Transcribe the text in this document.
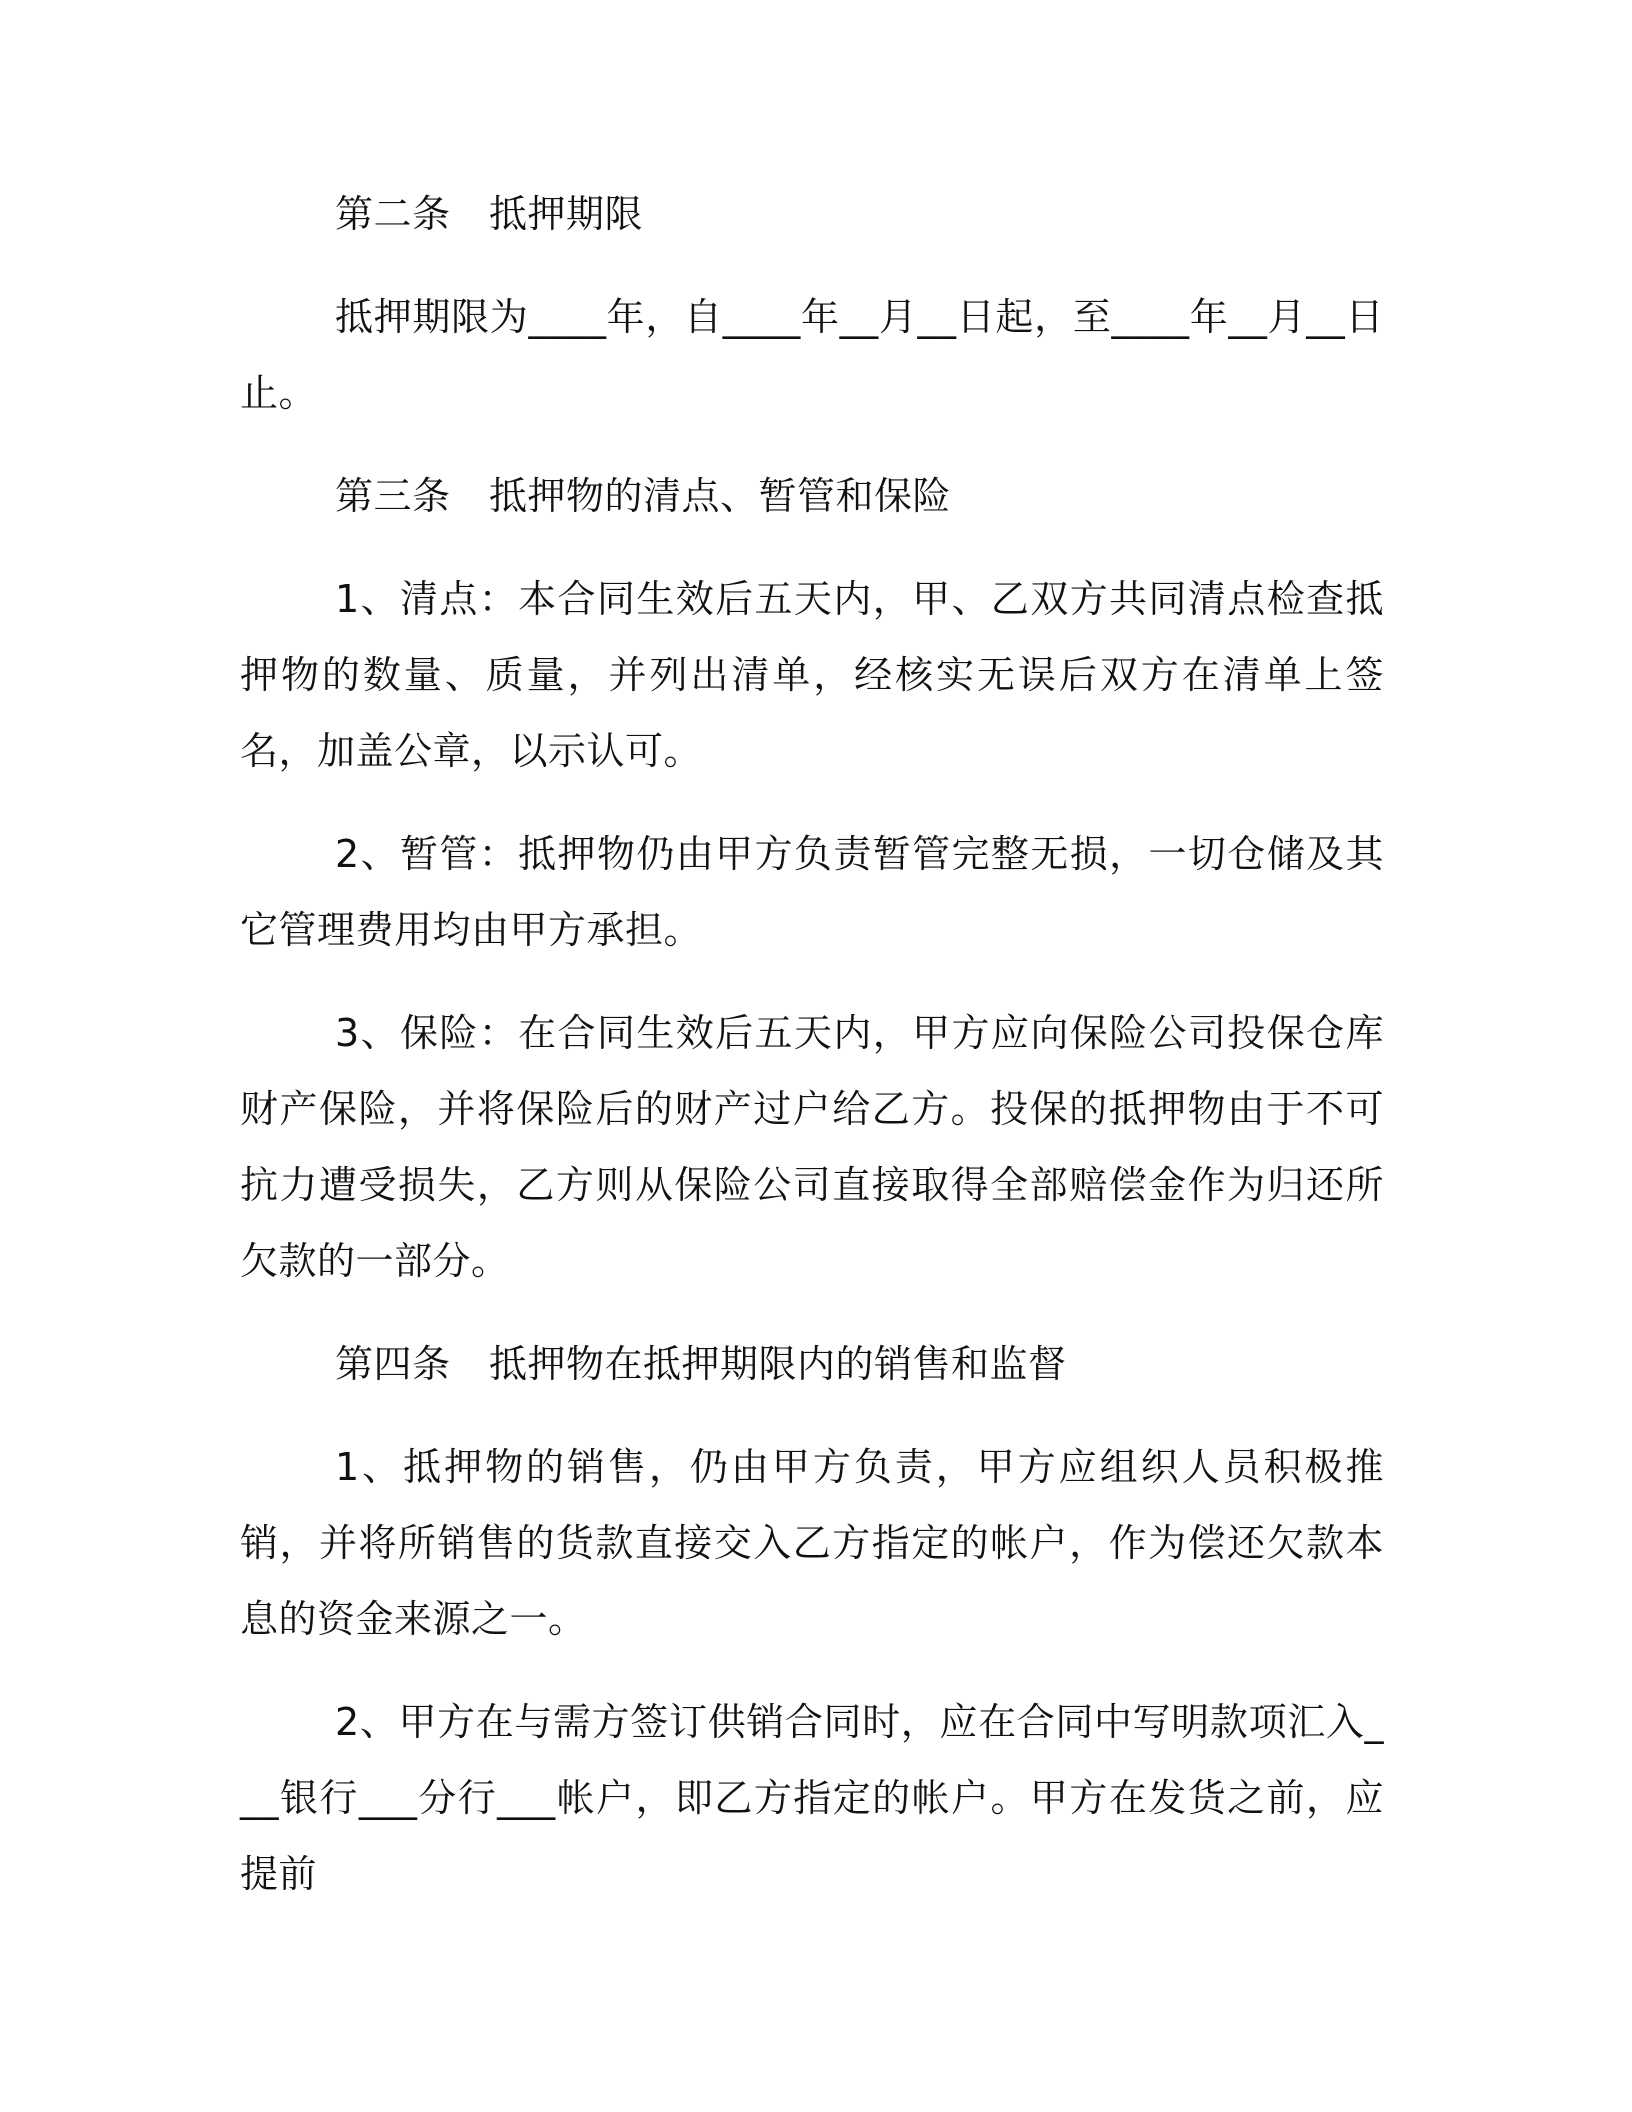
第二条　抵押期限

抵押期限为____年，自____年__月__日起，至____年__月__日止。

第三条　抵押物的清点、暂管和保险

1、清点：本合同生效后五天内，甲、乙双方共同清点检查抵押物的数量、质量，并列出清单，经核实无误后双方在清单上签名，加盖公章，以示认可。

2、暂管：抵押物仍由甲方负责暂管完整无损，一切仓储及其它管理费用均由甲方承担。

3、保险：在合同生效后五天内，甲方应向保险公司投保仓库财产保险，并将保险后的财产过户给乙方。投保的抵押物由于不可抗力遭受损失，乙方则从保险公司直接取得全部赔偿金作为归还所欠款的一部分。

第四条　抵押物在抵押期限内的销售和监督

1、抵押物的销售，仍由甲方负责，甲方应组织人员积极推销，并将所销售的货款直接交入乙方指定的帐户，作为偿还欠款本息的资金来源之一。

2、甲方在与需方签订供销合同时，应在合同中写明款项汇入___银行___分行___帐户，即乙方指定的帐户。甲方在发货之前，应提前
